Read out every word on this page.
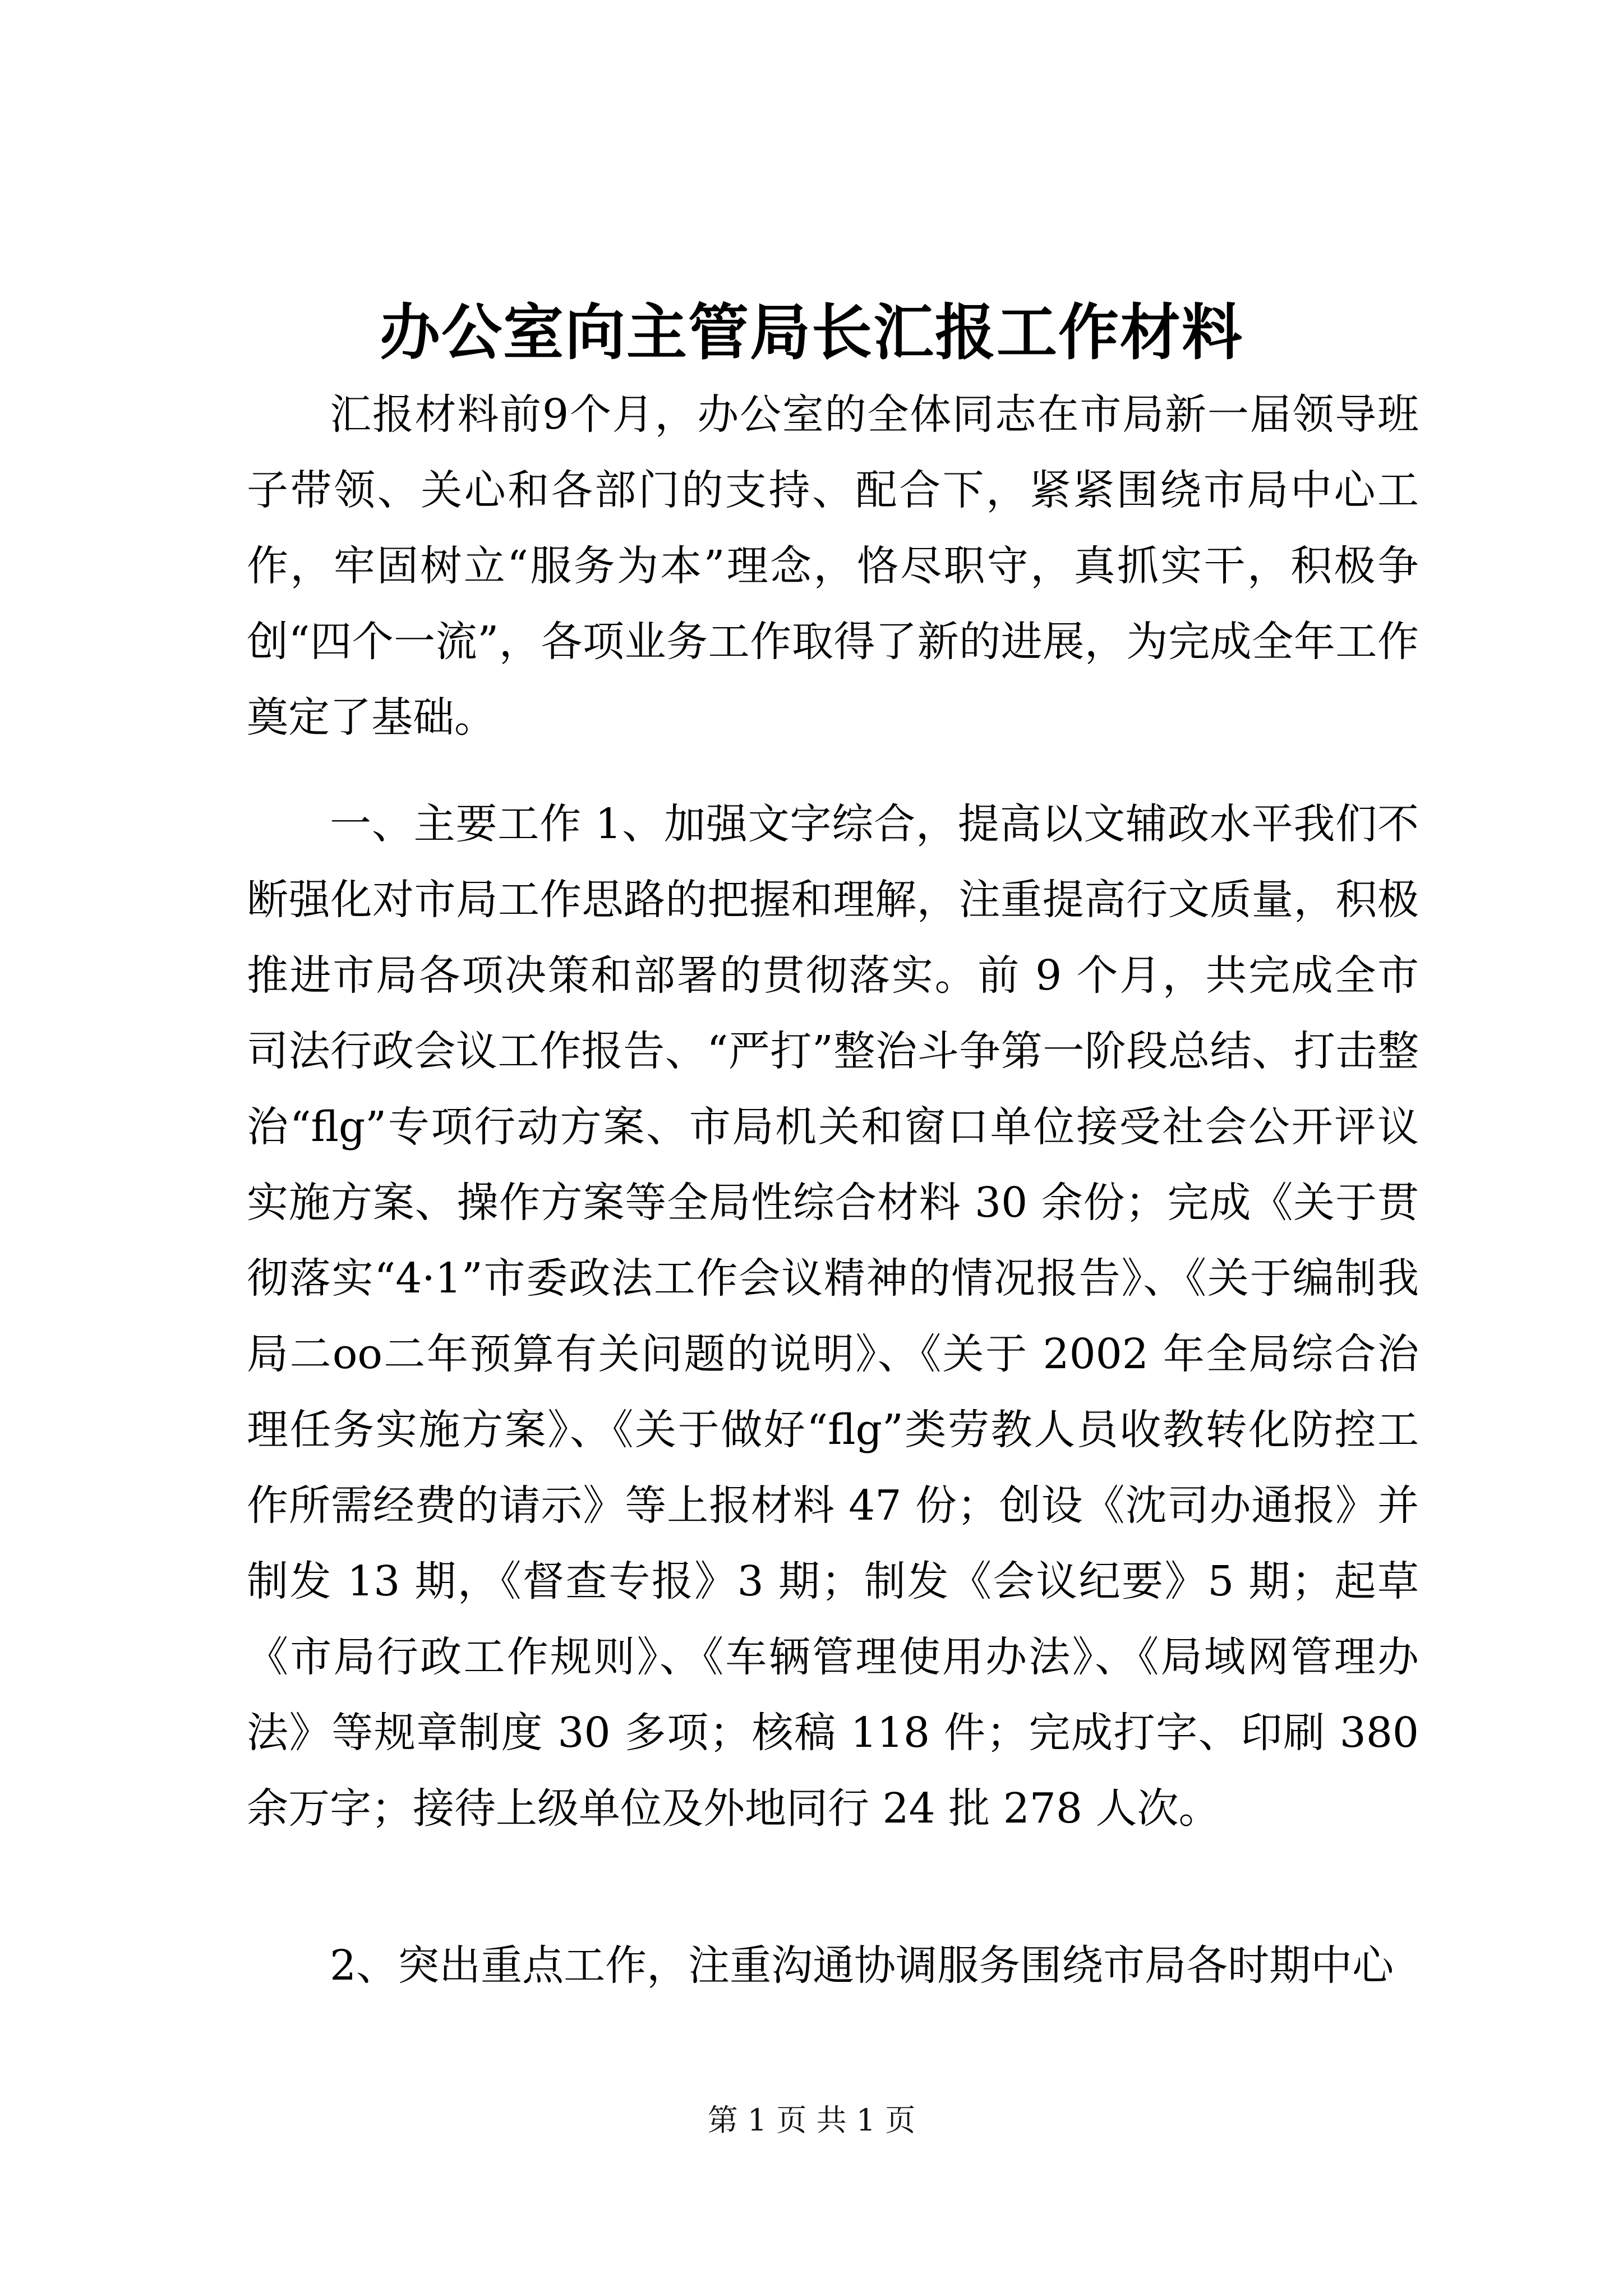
办公室向主管局长汇报工作材料

汇报材料前9个月，办公室的全体同志在市局新一届领导班子带领、关心和各部门的支持、配合下，紧紧围绕市局中心工作，牢固树立“服务为本”理念，恪尽职守，真抓实干，积极争创“四个一流”，各项业务工作取得了新的进展，为完成全年工作奠定了基础。

一、主要工作 1、加强文字综合，提高以文辅政水平我们不断强化对市局工作思路的把握和理解，注重提高行文质量，积极推进市局各项决策和部署的贯彻落实。前 9 个月，共完成全市司法行政会议工作报告、“严打”整治斗争第一阶段总结、打击整治“flg”专项行动方案、市局机关和窗口单位接受社会公开评议实施方案、操作方案等全局性综合材料 30 余份；完成《关于贯彻落实“4·1”市委政法工作会议精神的情况报告》、《关于编制我局二oo二年预算有关问题的说明》、《关于 2002 年全局综合治理任务实施方案》、《关于做好“flg”类劳教人员收教转化防控工作所需经费的请示》等上报材料 47 份；创设《沈司办通报》并制发 13 期，《督查专报》3 期；制发《会议纪要》5 期；起草《市局行政工作规则》、《车辆管理使用办法》、《局域网管理办法》等规章制度 30 多项；核稿 118 件；完成打字、印刷 380 余万字；接待上级单位及外地同行 24 批 278 人次。

2、突出重点工作，注重沟通协调服务围绕市局各时期中心

第 1 页 共 1 页
